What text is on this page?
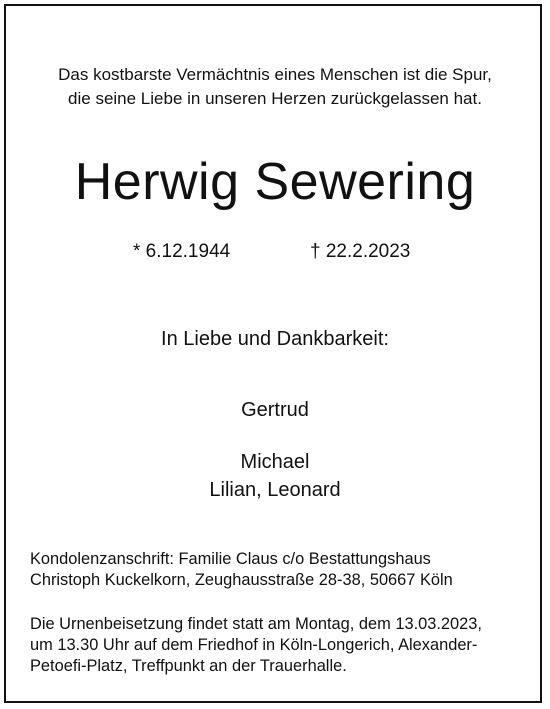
Das kostbarste Vermächtnis eines Menschen ist die Spur,
die seine Liebe in unseren Herzen zurückgelassen hat.
Herwig Sewering
* 6.12.1944	† 22.2.2023
In Liebe und Dankbarkeit:
Gertrud
Michael
Lilian, Leonard
Kondolenzanschrift: Familie Claus c/o Bestattungshaus
Christoph Kuckelkorn, Zeughausstraße 28-38, 50667 Köln
Die Urnenbeisetzung findet statt am Montag, dem 13.03.2023,
um 13.30 Uhr auf dem Friedhof in Köln-Longerich, Alexander-
Petoefi-Platz, Treffpunkt an der Trauerhalle.
